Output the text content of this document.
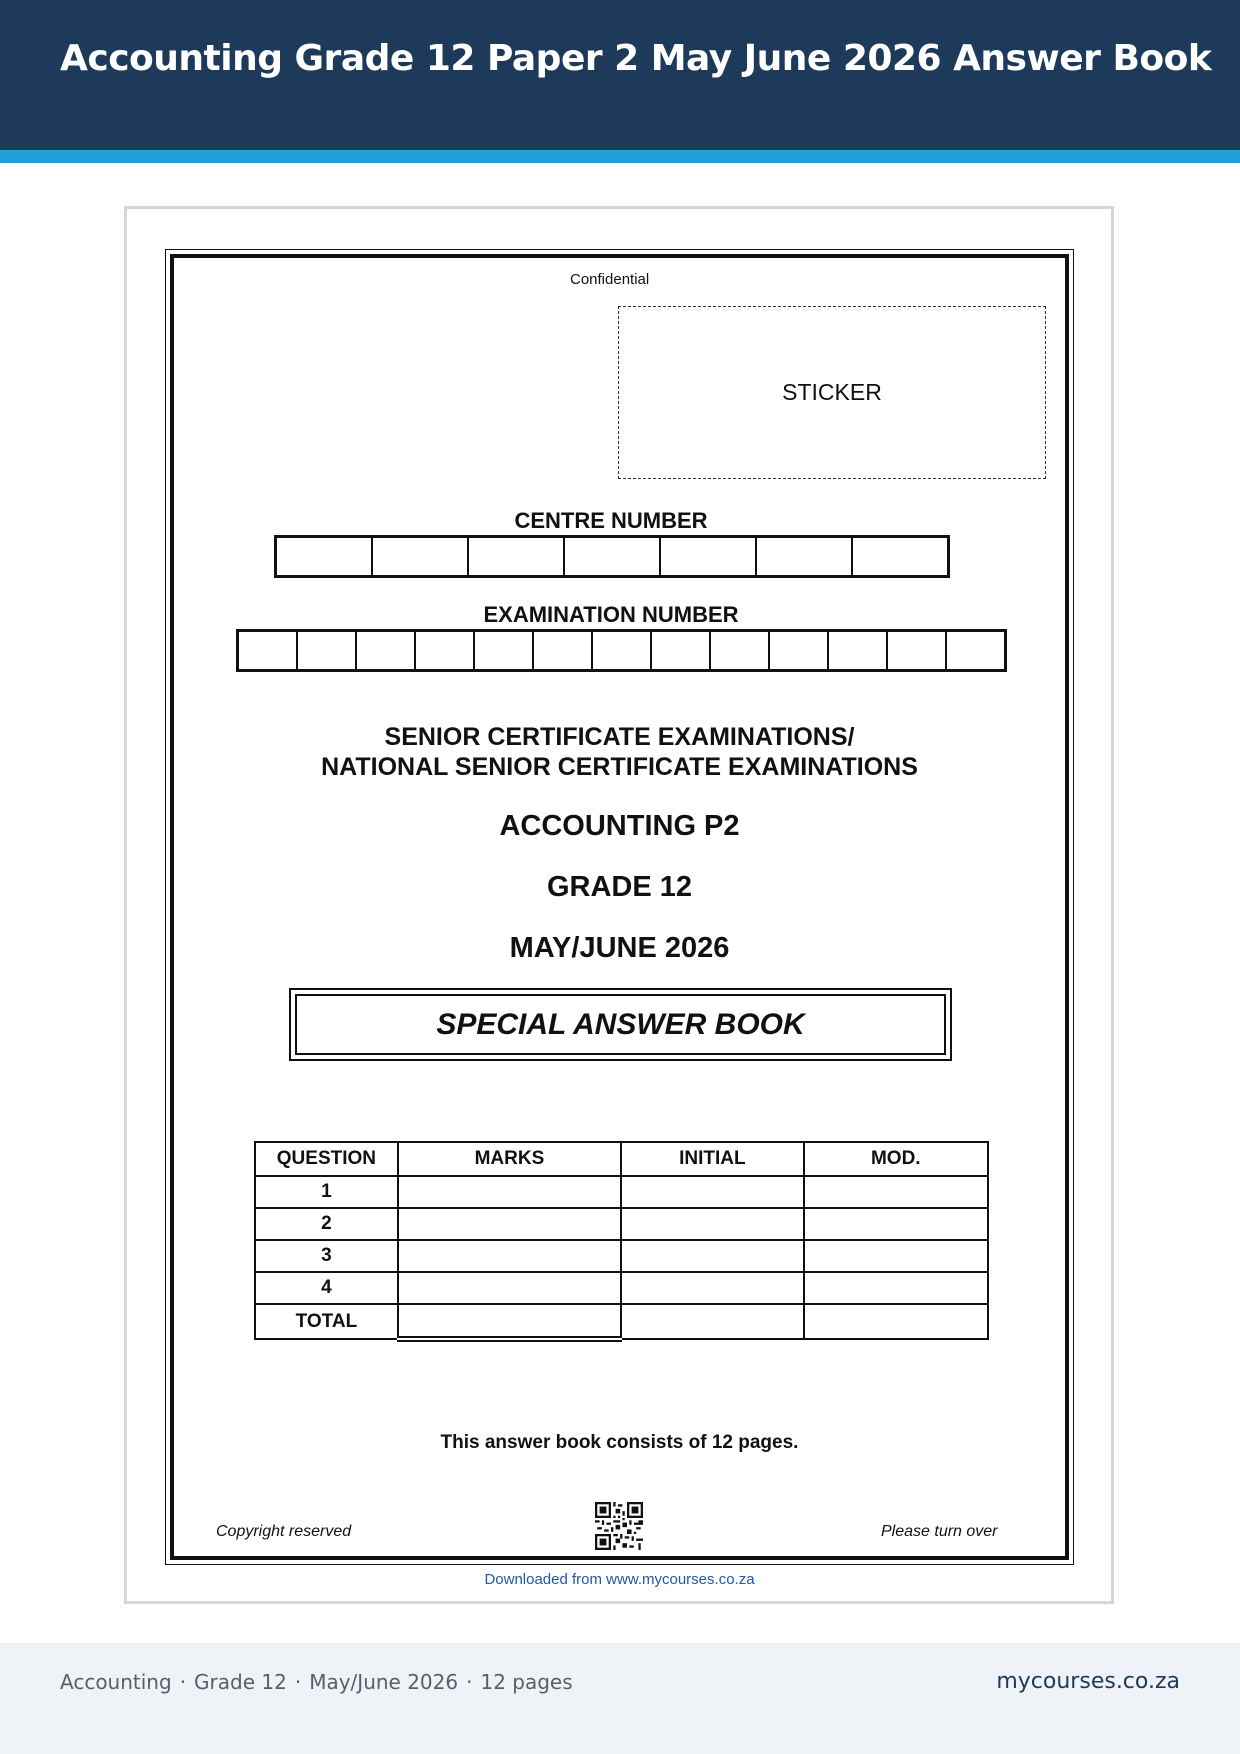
Accounting Grade 12 Paper 2 May June 2026 Answer Book
Confidential
STICKER
CENTRE NUMBER
EXAMINATION NUMBER
SENIOR CERTIFICATE EXAMINATIONS/
NATIONAL SENIOR CERTIFICATE EXAMINATIONS
ACCOUNTING P2
GRADE 12
MAY/JUNE 2026
SPECIAL ANSWER BOOK
QUESTION	MARKS	INITIAL	MOD.
1			
2			
3			
4			
TOTAL			
This answer book consists of 12 pages.
Copyright reserved	Please turn over
Downloaded from www.mycourses.co.za
Accounting · Grade 12 · May/June 2026 · 12 pages	mycourses.co.za
